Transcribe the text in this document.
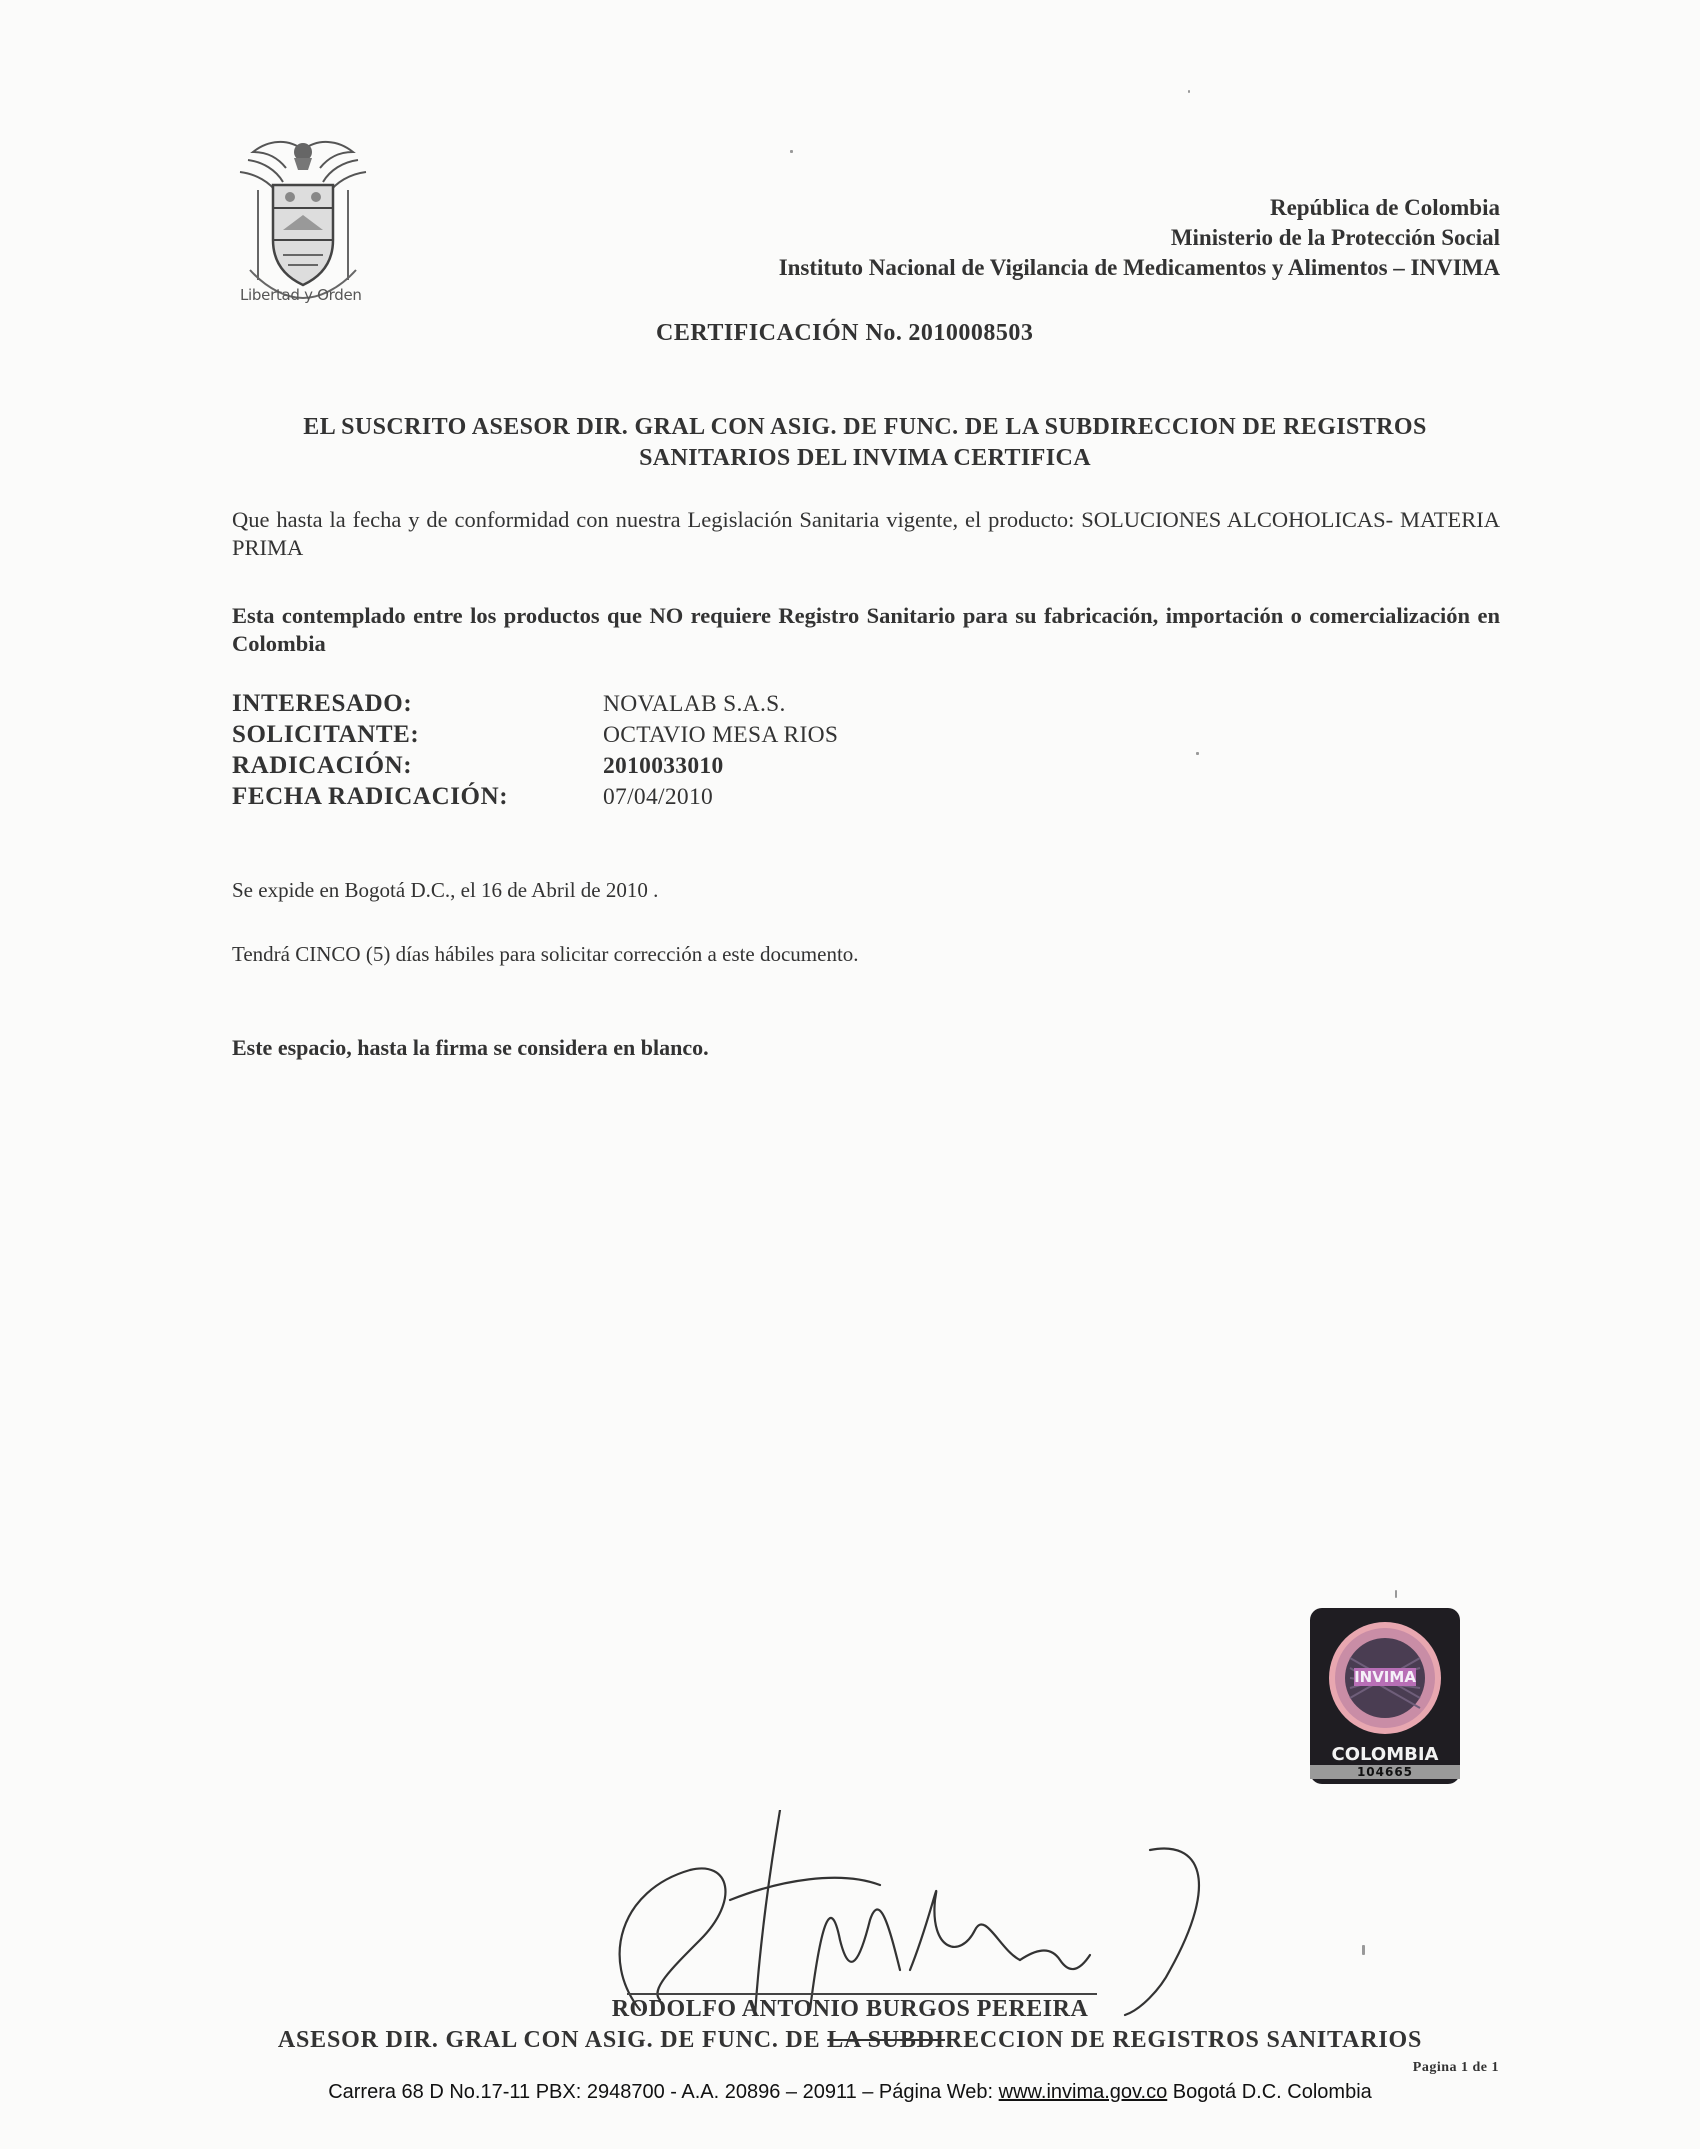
Libertad y Orden
República de Colombia
Ministerio de la Protección Social
Instituto Nacional de Vigilancia de Medicamentos y Alimentos – INVIMA
CERTIFICACIÓN No. 2010008503
EL SUSCRITO ASESOR DIR. GRAL CON ASIG. DE FUNC. DE LA SUBDIRECCION DE REGISTROS
SANITARIOS DEL INVIMA CERTIFICA
Que hasta la fecha y de conformidad con nuestra Legislación Sanitaria vigente, el producto: SOLUCIONES ALCOHOLICAS- MATERIA PRIMA
Esta contemplado entre los productos que NO requiere Registro Sanitario para su fabricación, importación o comercialización en Colombia
INTERESADO:	NOVALAB S.A.S.
SOLICITANTE:	OCTAVIO MESA RIOS
RADICACIÓN:	2010033010
FECHA RADICACIÓN:	07/04/2010
Se expide en Bogotá D.C., el 16 de Abril de 2010 .
Tendrá CINCO (5) días hábiles para solicitar corrección a este documento.
Este espacio, hasta la firma se considera en blanco.
INVIMA
COLOMBIA
104665
RODOLFO ANTONIO BURGOS PEREIRA
ASESOR DIR. GRAL CON ASIG. DE FUNC. DE LA SUBDIRECCION DE REGISTROS SANITARIOS
Pagina 1 de 1
Carrera 68 D No.17-11 PBX: 2948700 - A.A. 20896 – 20911 – Página Web: www.invima.gov.co Bogotá D.C. Colombia
